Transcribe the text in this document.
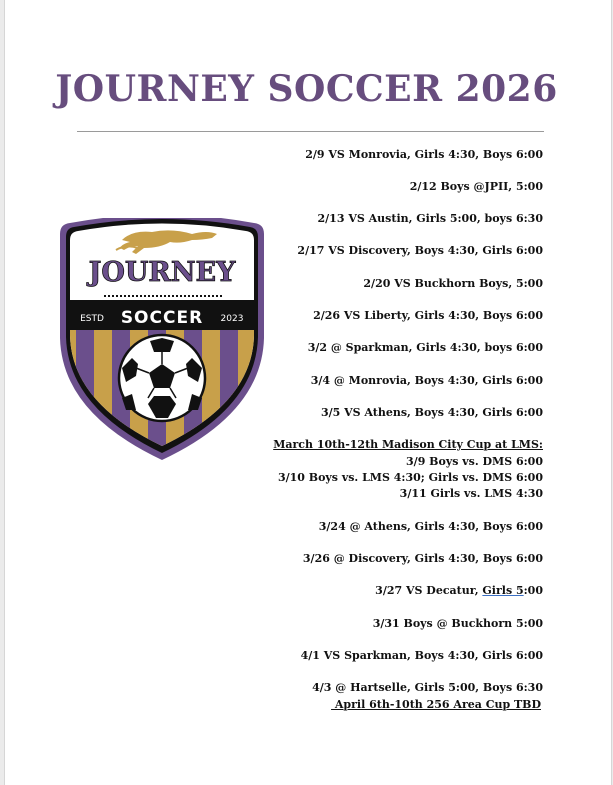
JOURNEY SOCCER 2026
JOURNEY
ESTD SOCCER 2023
2/9 VS Monrovia, Girls 4:30, Boys 6:00
2/12 Boys @JPII, 5:00
2/13 VS Austin, Girls 5:00, boys 6:30
2/17 VS Discovery, Boys 4:30, Girls 6:00
2/20 VS Buckhorn Boys, 5:00
2/26 VS Liberty, Girls 4:30, Boys 6:00
3/2 @ Sparkman, Girls 4:30, boys 6:00
3/4 @ Monrovia, Boys 4:30, Girls 6:00
3/5 VS Athens, Boys 4:30, Girls 6:00
March 10th-12th Madison City Cup at LMS:
3/9 Boys vs. DMS 6:00
3/10 Boys vs. LMS 4:30; Girls vs. DMS 6:00
3/11 Girls vs. LMS 4:30
3/24 @ Athens, Girls 4:30, Boys 6:00
3/26 @ Discovery, Girls 4:30, Boys 6:00
3/27 VS Decatur, Girls 5:00
3/31 Boys @ Buckhorn 5:00
4/1 VS Sparkman, Boys 4:30, Girls 6:00
4/3 @ Hartselle, Girls 5:00, Boys 6:30
April 6th-10th 256 Area Cup TBD
